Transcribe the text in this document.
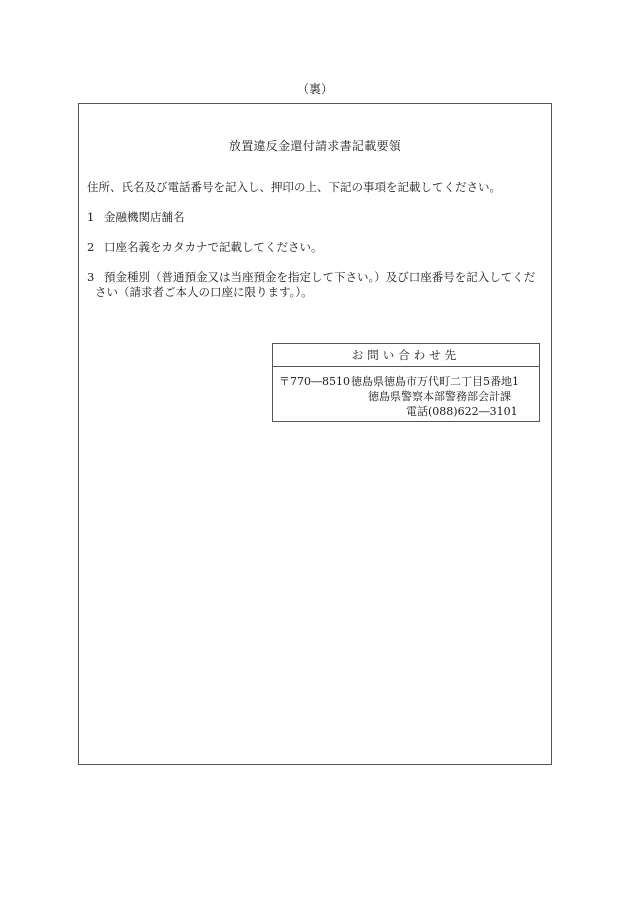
（裏）
放置違反金還付請求書記載要領
住所、氏名及び電話番号を記入し、押印の上、下記の事項を記載してください。
1 金融機関店舗名
2 口座名義をカタカナで記載してください。
3 預金種別（普通預金又は当座預金を指定して下さい。）及び口座番号を記入してください（請求者ご本人の口座に限ります。）。
お問い合わせ先
〒770―8510 徳島県徳島市万代町二丁目5番地1
徳島県警察本部警務部会計課
電話(088)622―3101
